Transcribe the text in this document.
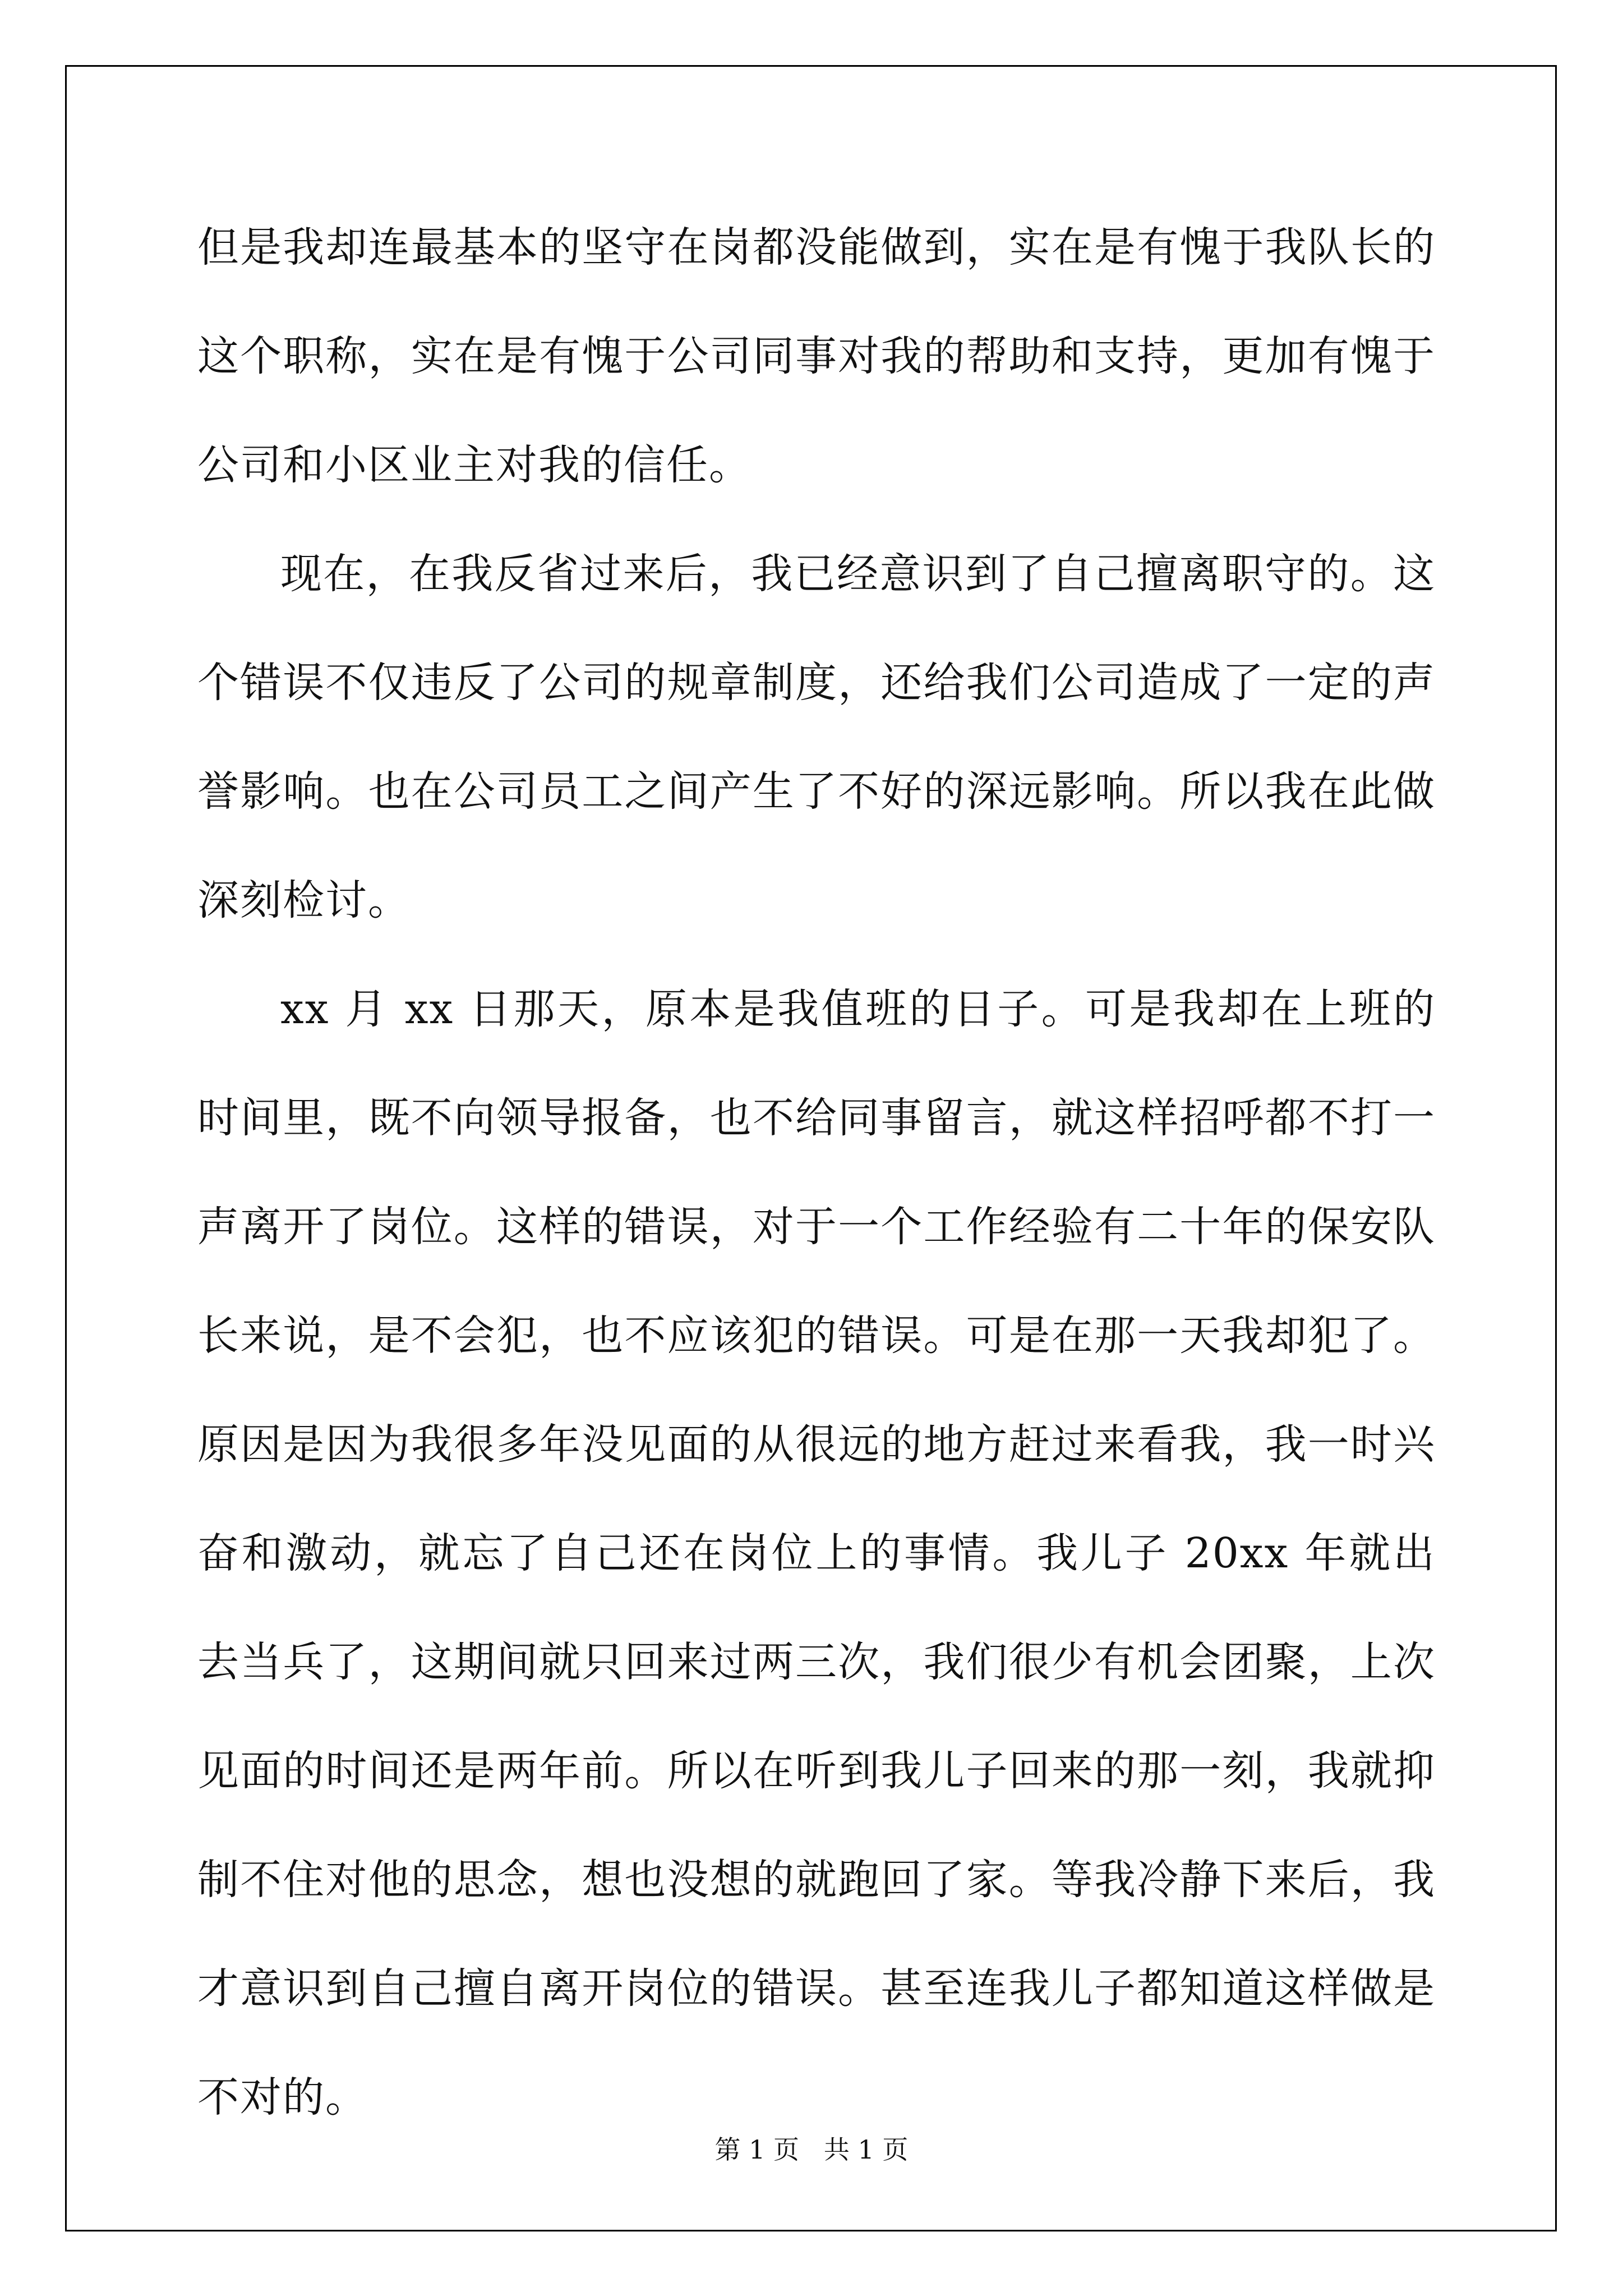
但是我却连最基本的坚守在岗都没能做到，实在是有愧于我队长的这个职称，实在是有愧于公司同事对我的帮助和支持，更加有愧于公司和小区业主对我的信任。

现在，在我反省过来后，我已经意识到了自己擅离职守的。这个错误不仅违反了公司的规章制度，还给我们公司造成了一定的声誉影响。也在公司员工之间产生了不好的深远影响。所以我在此做深刻检讨。

xx 月 xx 日那天，原本是我值班的日子。可是我却在上班的时间里，既不向领导报备，也不给同事留言，就这样招呼都不打一声离开了岗位。这样的错误，对于一个工作经验有二十年的保安队长来说，是不会犯，也不应该犯的错误。可是在那一天我却犯了。原因是因为我很多年没见面的从很远的地方赶过来看我，我一时兴奋和激动，就忘了自己还在岗位上的事情。我儿子 20xx 年就出去当兵了，这期间就只回来过两三次，我们很少有机会团聚，上次见面的时间还是两年前。所以在听到我儿子回来的那一刻，我就抑制不住对他的思念，想也没想的就跑回了家。等我冷静下来后，我才意识到自己擅自离开岗位的错误。甚至连我儿子都知道这样做是不对的。

第 1 页   共 1 页
